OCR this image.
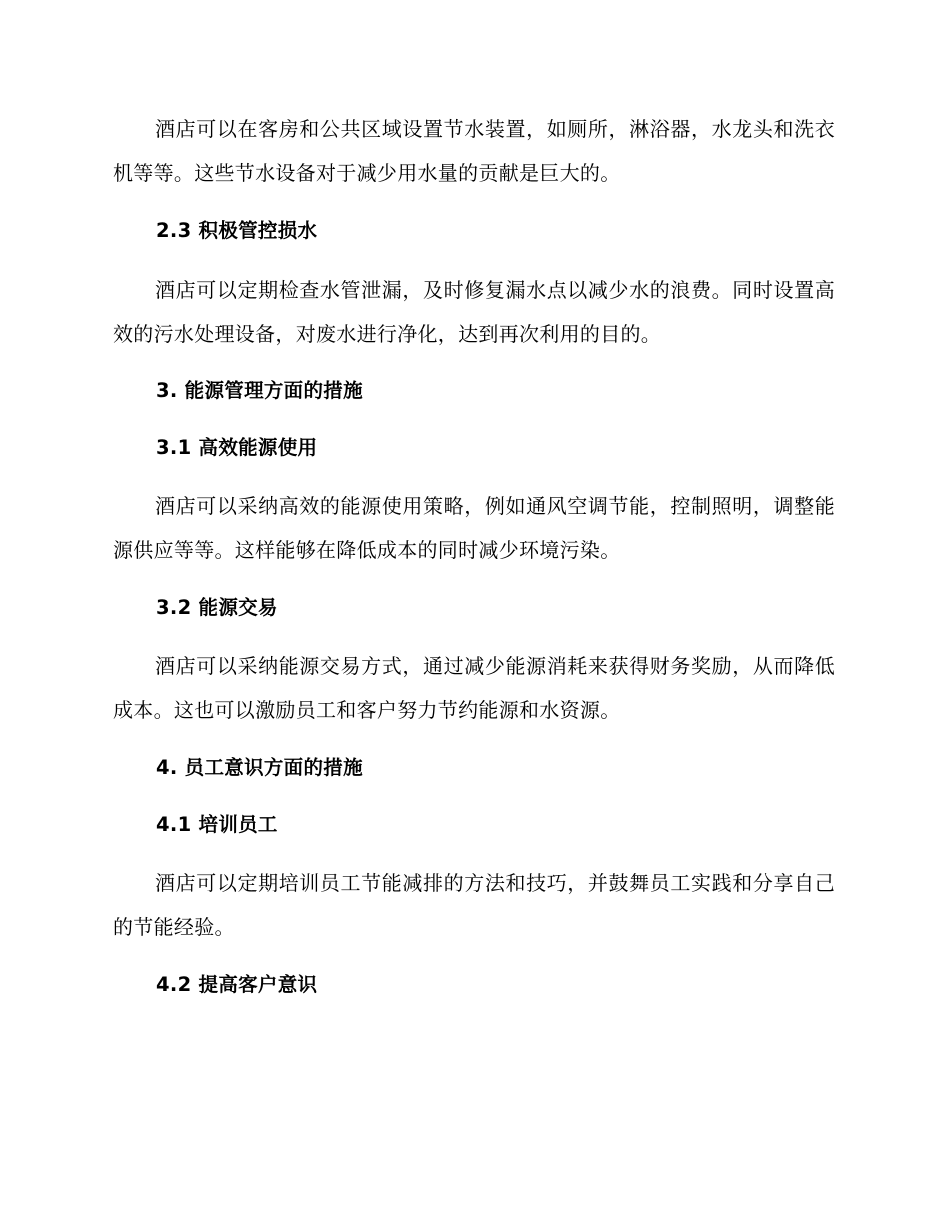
酒店可以在客房和公共区域设置节水装置，如厕所，淋浴器，水龙头和洗衣机等等。这些节水设备对于减少用水量的贡献是巨大的。

2.3 积极管控损水

酒店可以定期检查水管泄漏，及时修复漏水点以减少水的浪费。同时设置高效的污水处理设备，对废水进行净化，达到再次利用的目的。

3. 能源管理方面的措施

3.1 高效能源使用

酒店可以采纳高效的能源使用策略，例如通风空调节能，控制照明，调整能源供应等等。这样能够在降低成本的同时减少环境污染。

3.2 能源交易

酒店可以采纳能源交易方式，通过减少能源消耗来获得财务奖励，从而降低成本。这也可以激励员工和客户努力节约能源和水资源。

4. 员工意识方面的措施

4.1 培训员工

酒店可以定期培训员工节能减排的方法和技巧，并鼓舞员工实践和分享自己的节能经验。

4.2 提高客户意识
